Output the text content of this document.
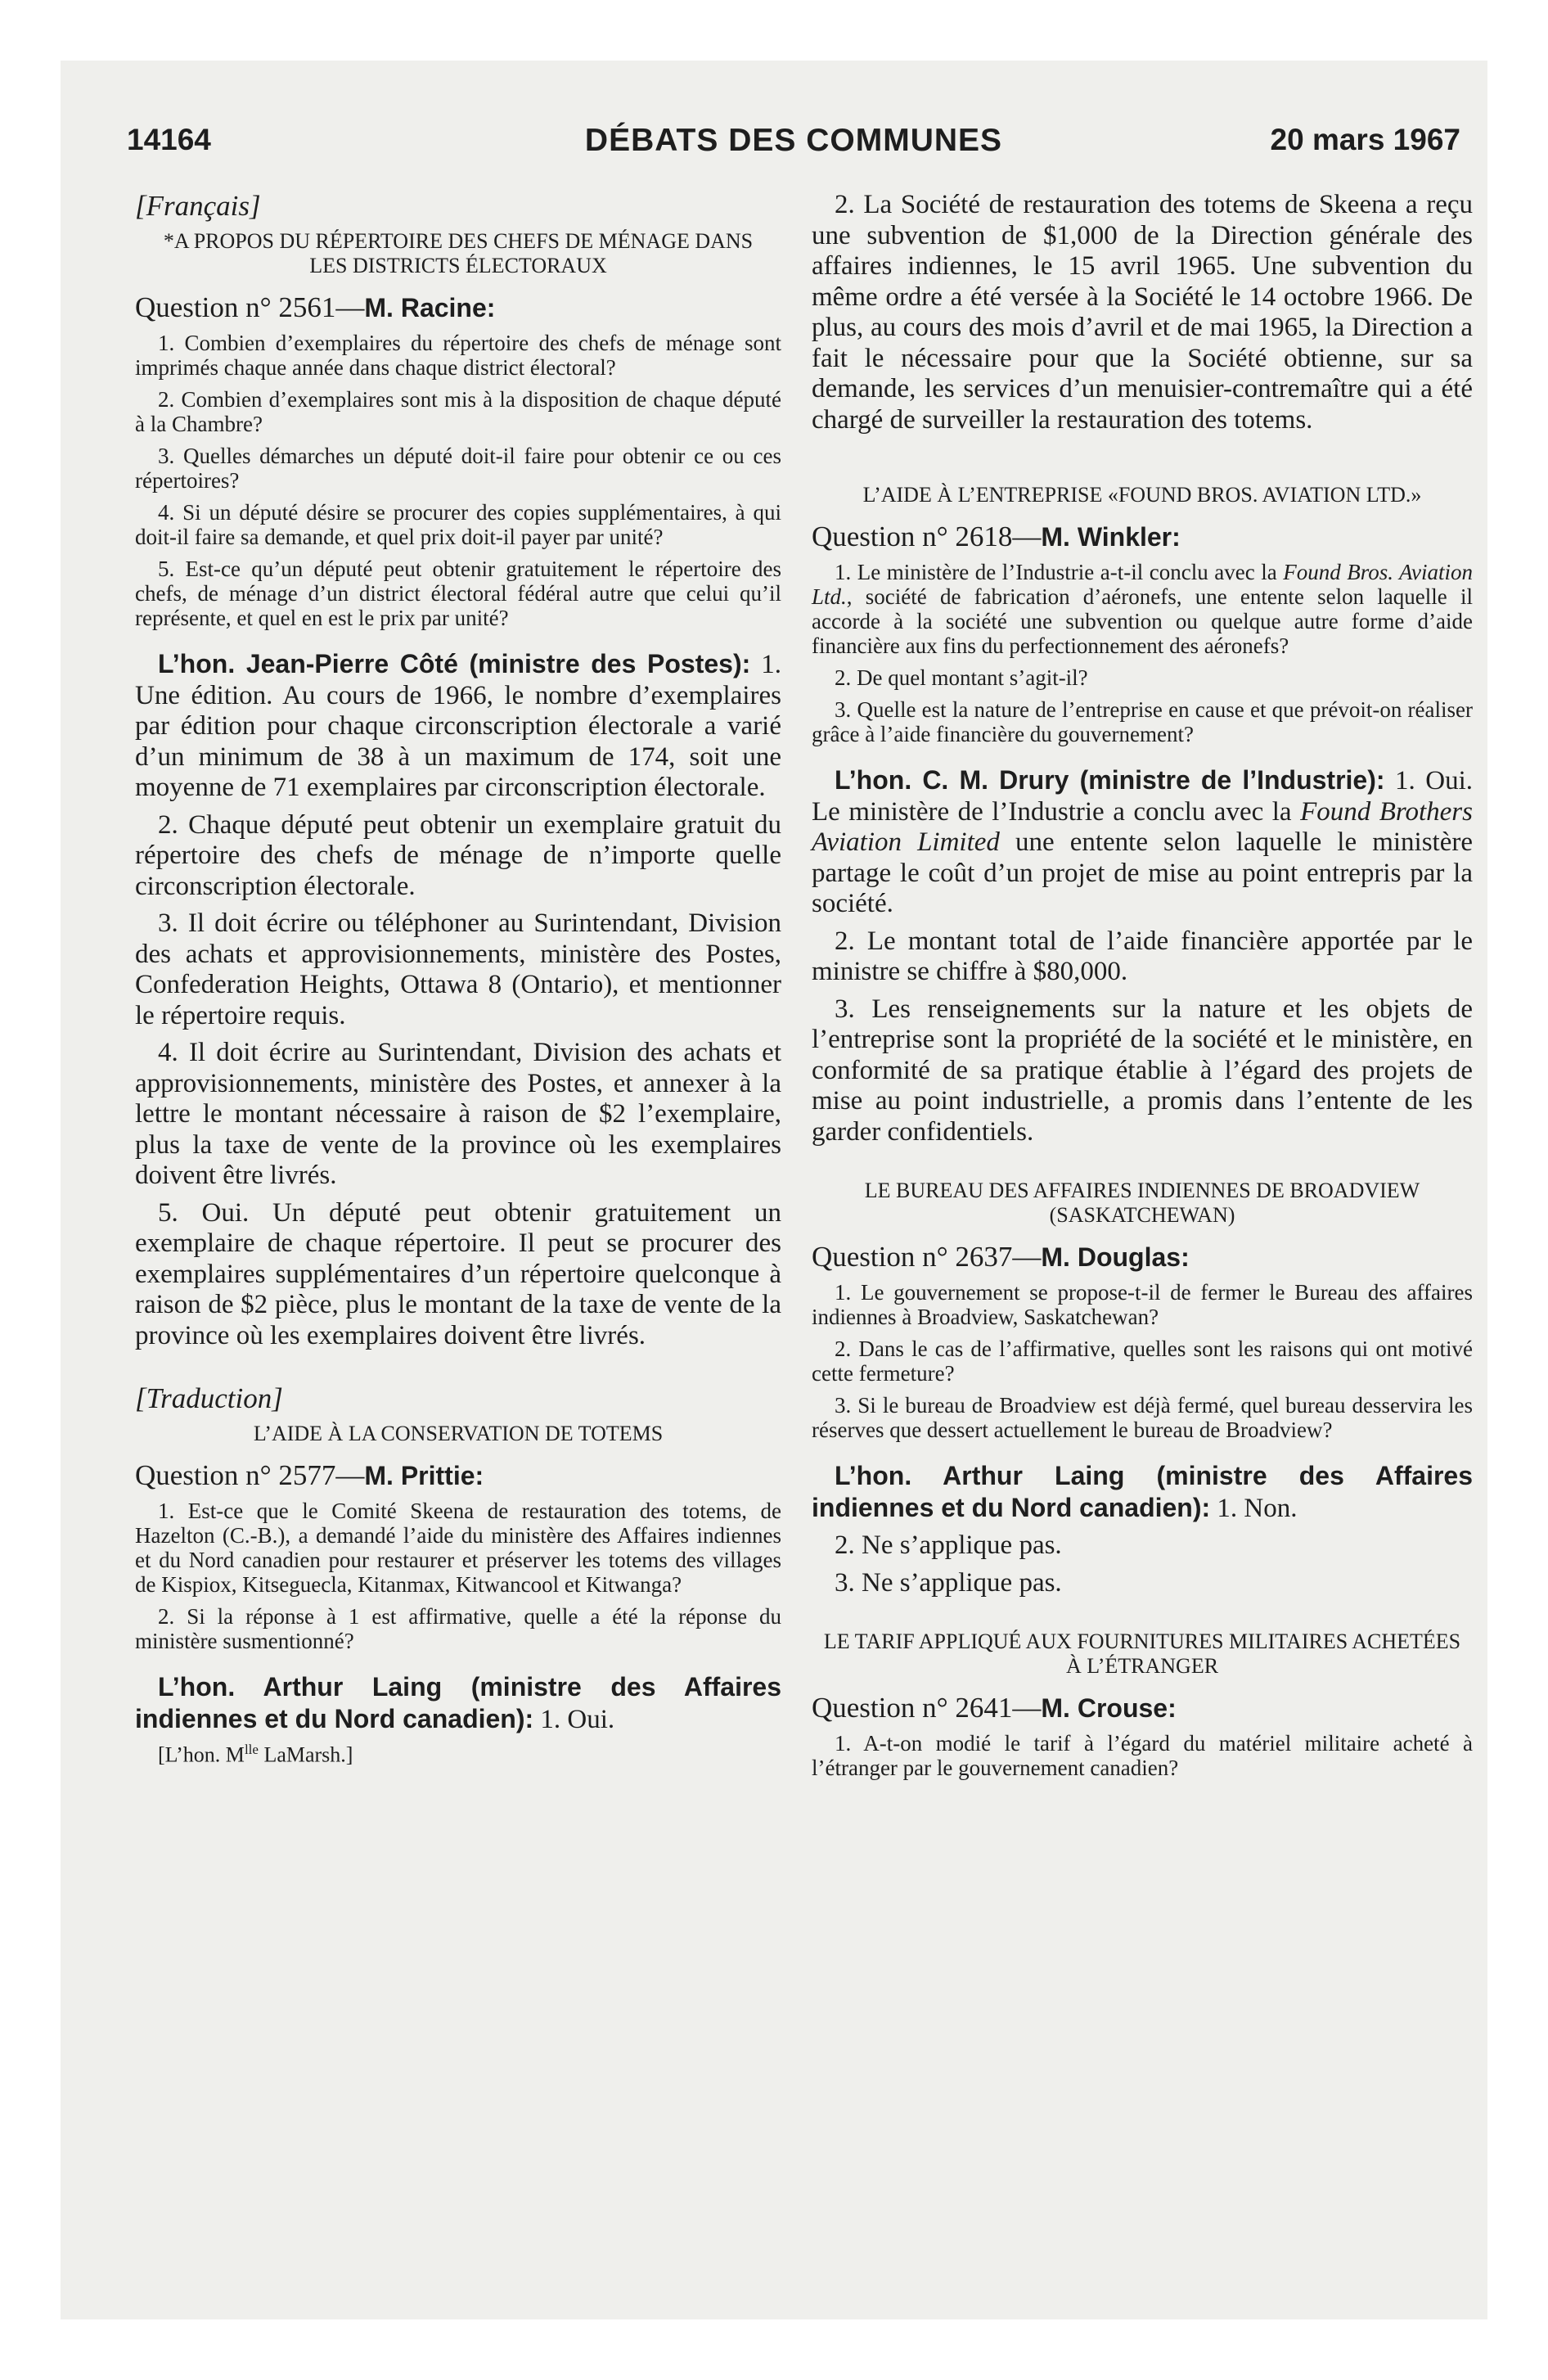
14164	DÉBATS DES COMMUNES	20 mars 1967

[Français]

*A PROPOS DU RÉPERTOIRE DES CHEFS DE MÉNAGE DANS LES DISTRICTS ÉLECTORAUX

Question n° 2561—M. Racine:

1. Combien d’exemplaires du répertoire des chefs de ménage sont imprimés chaque année dans chaque district électoral?

2. Combien d’exemplaires sont mis à la disposition de chaque député à la Chambre?

3. Quelles démarches un député doit-il faire pour obtenir ce ou ces répertoires?

4. Si un député désire se procurer des copies supplémentaires, à qui doit-il faire sa demande, et quel prix doit-il payer par unité?

5. Est-ce qu’un député peut obtenir gratuitement le répertoire des chefs, de ménage d’un district électoral fédéral autre que celui qu’il représente, et quel en est le prix par unité?

L’hon. Jean-Pierre Côté (ministre des Postes): 1. Une édition. Au cours de 1966, le nombre d’exemplaires par édition pour chaque circonscription électorale a varié d’un minimum de 38 à un maximum de 174, soit une moyenne de 71 exemplaires par circonscription électorale.

2. Chaque député peut obtenir un exemplaire gratuit du répertoire des chefs de ménage de n’importe quelle circonscription électorale.

3. Il doit écrire ou téléphoner au Surintendant, Division des achats et approvisionnements, ministère des Postes, Confederation Heights, Ottawa 8 (Ontario), et mentionner le répertoire requis.

4. Il doit écrire au Surintendant, Division des achats et approvisionnements, ministère des Postes, et annexer à la lettre le montant nécessaire à raison de $2 l’exemplaire, plus la taxe de vente de la province où les exemplaires doivent être livrés.

5. Oui. Un député peut obtenir gratuitement un exemplaire de chaque répertoire. Il peut se procurer des exemplaires supplémentaires d’un répertoire quelconque à raison de $2 pièce, plus le montant de la taxe de vente de la province où les exemplaires doivent être livrés.

[Traduction]

L’AIDE À LA CONSERVATION DE TOTEMS

Question n° 2577—M. Prittie:

1. Est-ce que le Comité Skeena de restauration des totems, de Hazelton (C.-B.), a demandé l’aide du ministère des Affaires indiennes et du Nord canadien pour restaurer et préserver les totems des villages de Kispiox, Kitseguecla, Kitanmax, Kitwancool et Kitwanga?

2. Si la réponse à 1 est affirmative, quelle a été la réponse du ministère susmentionné?

L’hon. Arthur Laing (ministre des Affaires indiennes et du Nord canadien): 1. Oui.

[L’hon. $M^{lle}$ LaMarsh.]

2. La Société de restauration des totems de Skeena a reçu une subvention de $1,000 de la Direction générale des affaires indiennes, le 15 avril 1965. Une subvention du même ordre a été versée à la Société le 14 octobre 1966. De plus, au cours des mois d’avril et de mai 1965, la Direction a fait le nécessaire pour que la Société obtienne, sur sa demande, les services d’un menuisier-contremaître qui a été chargé de surveiller la restauration des totems.

L’AIDE À L’ENTREPRISE «FOUND BROS. AVIATION LTD.»

Question n° 2618—M. Winkler:

1. Le ministère de l’Industrie a-t-il conclu avec la Found Bros. Aviation Ltd., société de fabrication d’aéronefs, une entente selon laquelle il accorde à la société une subvention ou quelque autre forme d’aide financière aux fins du perfectionnement des aéronefs?

2. De quel montant s’agit-il?

3. Quelle est la nature de l’entreprise en cause et que prévoit-on réaliser grâce à l’aide financière du gouvernement?

L’hon. C. M. Drury (ministre de l’Industrie): 1. Oui. Le ministère de l’Industrie a conclu avec la Found Brothers Aviation Limited une entente selon laquelle le ministère partage le coût d’un projet de mise au point entrepris par la société.

2. Le montant total de l’aide financière apportée par le ministre se chiffre à $80,000.

3. Les renseignements sur la nature et les objets de l’entreprise sont la propriété de la société et le ministère, en conformité de sa pratique établie à l’égard des projets de mise au point industrielle, a promis dans l’entente de les garder confidentiels.

LE BUREAU DES AFFAIRES INDIENNES DE BROADVIEW (SASKATCHEWAN)

Question n° 2637—M. Douglas:

1. Le gouvernement se propose-t-il de fermer le Bureau des affaires indiennes à Broadview, Saskatchewan?

2. Dans le cas de l’affirmative, quelles sont les raisons qui ont motivé cette fermeture?

3. Si le bureau de Broadview est déjà fermé, quel bureau desservira les réserves que dessert actuellement le bureau de Broadview?

L’hon. Arthur Laing (ministre des Affaires indiennes et du Nord canadien): 1. Non.

2. Ne s’applique pas.

3. Ne s’applique pas.

LE TARIF APPLIQUÉ AUX FOURNITURES MILITAIRES ACHETÉES À L’ÉTRANGER

Question n° 2641—M. Crouse:

1. A-t-on modié le tarif à l’égard du matériel militaire acheté à l’étranger par le gouvernement canadien?
